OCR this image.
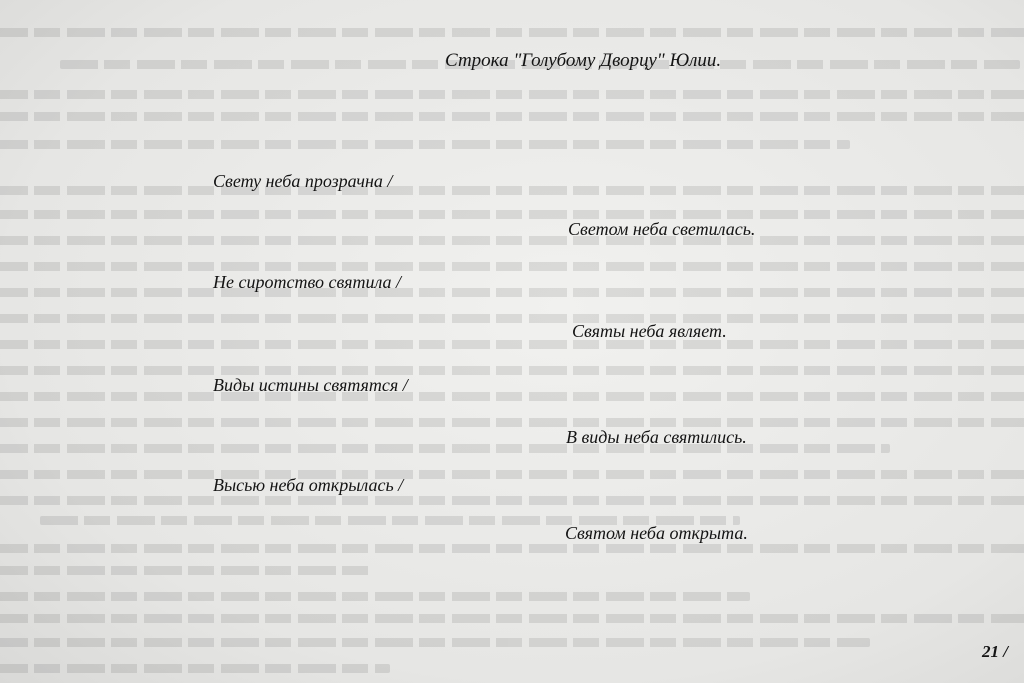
Строка "Голубому Дворцу" Юлии.
Свету неба прозрачна /
Светом неба светилась.
Не сиротство святила /
Святы неба являет.
Виды истины святятся /
В виды неба святились.
Высью неба открылась /
Святом неба открыта.
21 /
